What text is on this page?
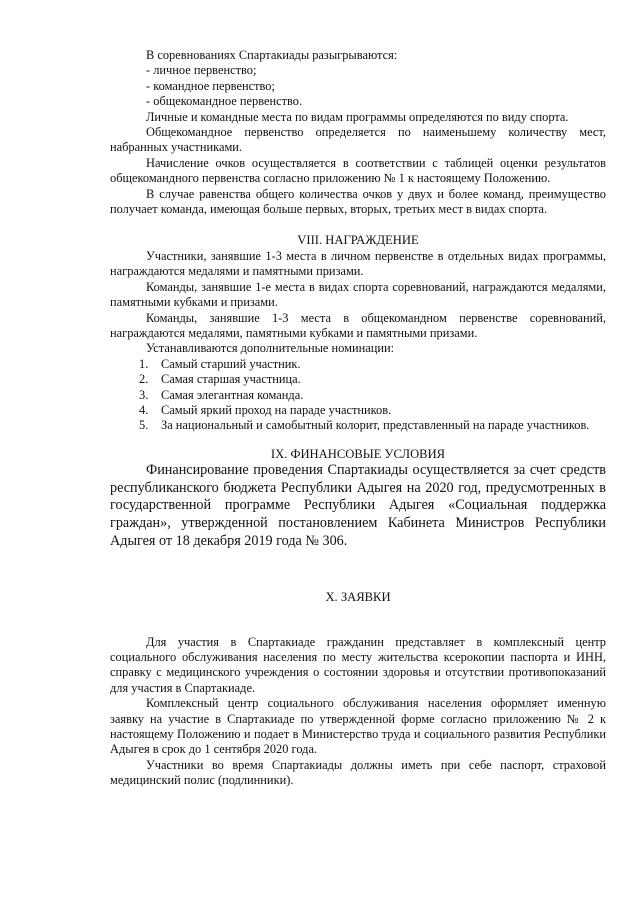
В соревнованиях Спартакиады разыгрываются:

- личное первенство;

- командное первенство;

- общекомандное первенство.

Личные и командные места по видам программы определяются по виду спорта.

Общекомандное первенство определяется по наименьшему количеству мест, набранных участниками.

Начисление очков осуществляется в соответствии с таблицей оценки результатов общекомандного первенства согласно приложению № 1 к настоящему Положению.

В случае равенства общего количества очков у двух и более команд, преимущество получает команда, имеющая больше первых, вторых, третьих мест в видах спорта.

VIII. НАГРАЖДЕНИЕ

Участники, занявшие 1-3 места в личном первенстве в отдельных видах программы, награждаются медалями и памятными призами.

Команды, занявшие 1-е места в видах спорта соревнований, награждаются медалями, памятными кубками и призами.

Команды, занявшие 1-3 места в общекомандном первенстве соревнований, награждаются медалями, памятными кубками и памятными призами.

Устанавливаются дополнительные номинации:

1. Самый старший участник.
2. Самая старшая участница.
3. Самая элегантная команда.
4. Самый яркий проход на параде участников.
5. За национальный и самобытный колорит, представленный на параде участников.
IX. ФИНАНСОВЫЕ УСЛОВИЯ

Финансирование проведения Спартакиады осуществляется за счет средств республиканского бюджета Республики Адыгея на 2020 год, предусмотренных в государственной программе Республики Адыгея «Социальная поддержка граждан», утвержденной постановлением Кабинета Министров Республики Адыгея от 18 декабря 2019 года № 306.

X. ЗАЯВКИ

Для участия в Спартакиаде гражданин представляет в комплексный центр социального обслуживания населения по месту жительства ксерокопии паспорта и ИНН, справку с медицинского учреждения о состоянии здоровья и отсутствии противопоказаний для участия в Спартакиаде.

Комплексный центр социального обслуживания населения оформляет именную заявку на участие в Спартакиаде по утвержденной форме согласно приложению № 2 к настоящему Положению и подает в Министерство труда и социального развития Республики Адыгея в срок до 1 сентября 2020 года.

Участники во время Спартакиады должны иметь при себе паспорт, страховой медицинский полис (подлинники).
